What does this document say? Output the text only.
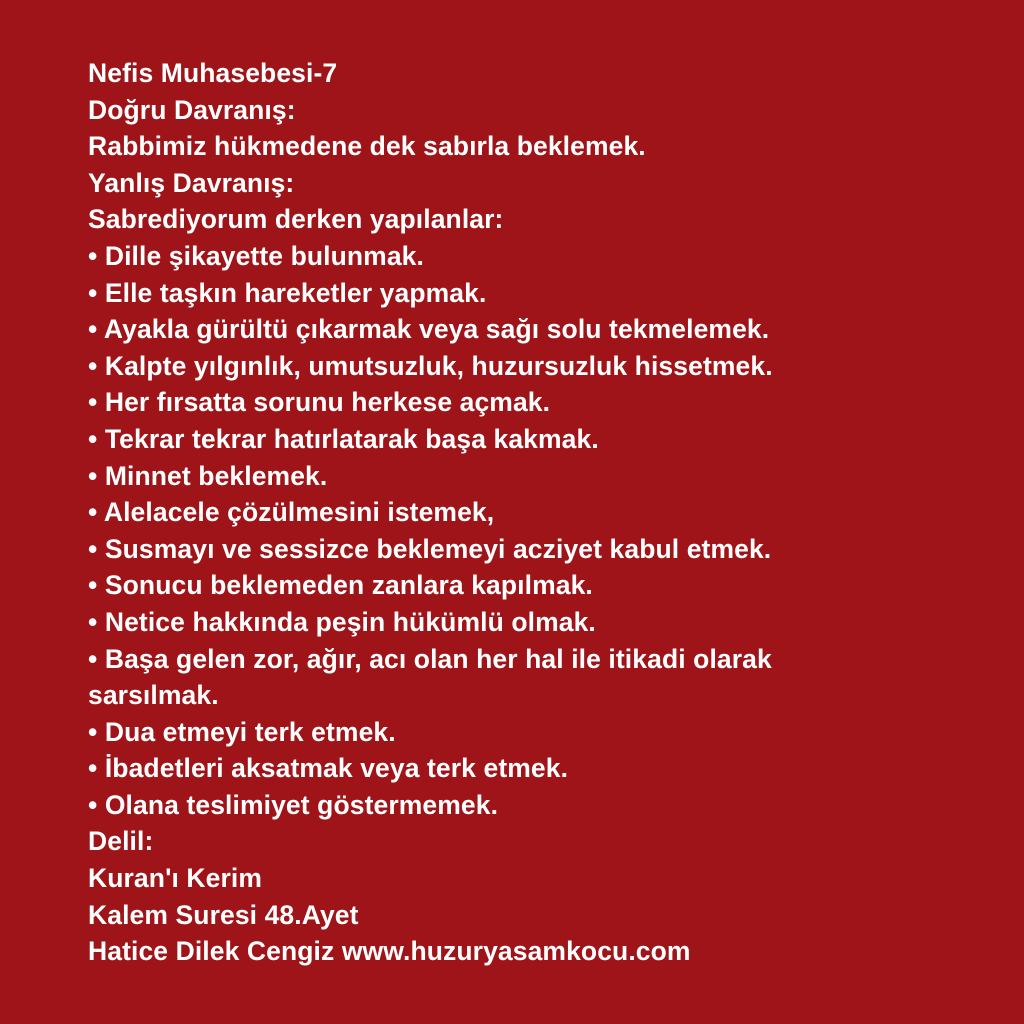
Nefis Muhasebesi-7
Doğru Davranış:
Rabbimiz hükmedene dek sabırla beklemek.
Yanlış Davranış:
Sabrediyorum derken yapılanlar:
• Dille şikayette bulunmak.
• Elle taşkın hareketler yapmak.
• Ayakla gürültü çıkarmak veya sağı solu tekmelemek.
• Kalpte yılgınlık, umutsuzluk, huzursuzluk hissetmek.
• Her fırsatta sorunu herkese açmak.
• Tekrar tekrar hatırlatarak başa kakmak.
• Minnet beklemek.
• Alelacele çözülmesini istemek,
• Susmayı ve sessizce beklemeyi acziyet kabul etmek.
• Sonucu beklemeden zanlara kapılmak.
• Netice hakkında peşin hükümlü olmak.
• Başa gelen zor, ağır, acı olan her hal ile itikadi olarak sarsılmak.
• Dua etmeyi terk etmek.
• İbadetleri aksatmak veya terk etmek.
• Olana teslimiyet göstermemek.
Delil:
Kuran'ı Kerim
Kalem Suresi 48.Ayet
Hatice Dilek Cengiz www.huzuryasamkocu.com
